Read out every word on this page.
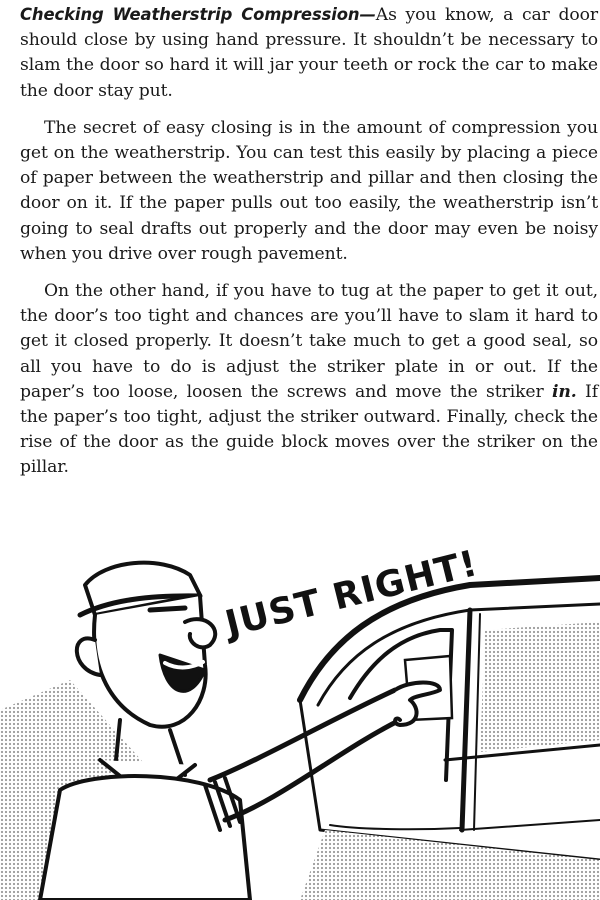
Checking Weatherstrip Compression—As you know, a car door should close by using hand pressure. It shouldn’t be necessary to slam the door so hard it will jar your teeth or rock the car to make the door stay put.

The secret of easy closing is in the amount of compression you get on the weatherstrip. You can test this easily by placing a piece of paper between the weatherstrip and pillar and then closing the door on it. If the paper pulls out too easily, the weatherstrip isn’t going to seal drafts out properly and the door may even be noisy when you drive over rough pavement.

On the other hand, if you have to tug at the paper to get it out, the door’s too tight and chances are you’ll have to slam it hard to get it closed properly. It doesn’t take much to get a good seal, so all you have to do is adjust the striker plate in or out. If the paper’s too loose, loosen the screws and move the striker in. If the paper’s too tight, adjust the striker outward. Finally, check the rise of the door as the guide block moves over the striker on the pillar.

JUST RIGHT!
